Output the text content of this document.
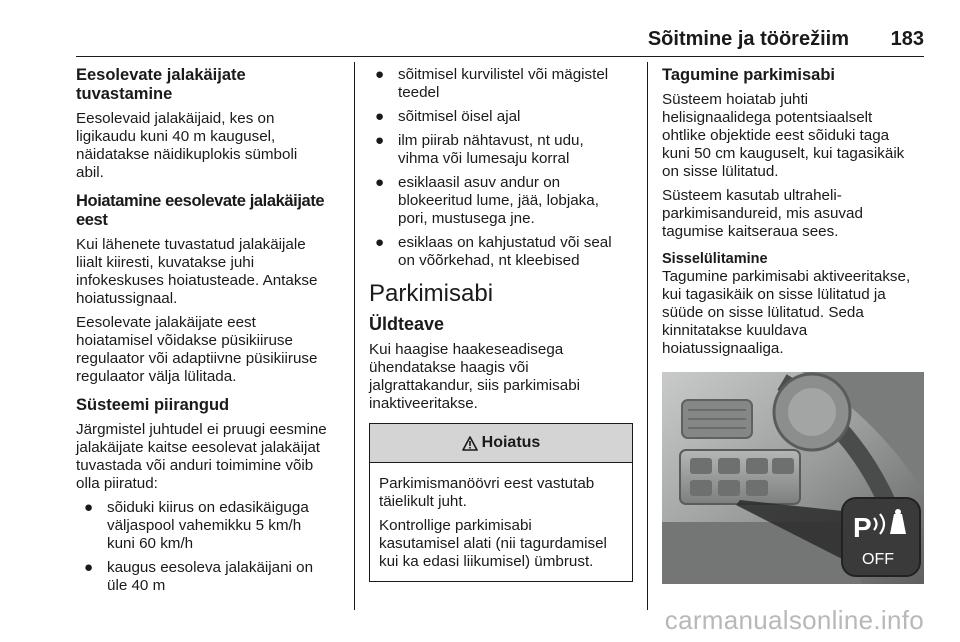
Sõitmine ja töörežiim 183
Eesolevate jalakäijate
tuvastamine
Eesolevaid jalakäijaid, kes on
ligikaudu kuni 40 m kaugusel,
näidatakse näidikuplokis sümboli
abil.
Hoiatamine eesolevate jalakäijate eest
Kui lähenete tuvastatud jalakäijale
liialt kiiresti, kuvatakse juhi
infokeskuses hoiatusteade. Antakse
hoiatussignaal.
Eesolevate jalakäijate eest
hoiatamisel võidakse püsikiiruse
regulaator või adaptiivne püsikiiruse
regulaator välja lülitada.
Süsteemi piirangud
Järgmistel juhtudel ei pruugi eesmine
jalakäijate kaitse eesolevat jalakäijat
tuvastada või anduri toimimine võib
olla piiratud:
● sõiduki kiirus on edasikäiguga
väljaspool vahemikku 5 km/h
kuni 60 km/h
● kaugus eesoleva jalakäijani on
üle 40 m
● sõitmisel kurvilistel või mägistel
teedel
● sõitmisel öisel ajal
● ilm piirab nähtavust, nt udu,
vihma või lumesaju korral
● esiklaasil asuv andur on
blokeeritud lume, jää, lobjaka,
pori, mustusega jne.
● esiklaas on kahjustatud või seal
on võõrkehad, nt kleebised
Parkimisabi
Üldteave
Kui haagise haakeseadisega
ühendatakse haagis või
jalgrattakandur, siis parkimisabi
inaktiveeritakse.
Hoiatus
Parkimismanöövri eest vastutab
täielikult juht.
Kontrollige parkimisabi
kasutamisel alati (nii tagurdamisel
kui ka edasi liikumisel) ümbrust.
Tagumine parkimisabi
Süsteem hoiatab juhti
helisignaalidega potentsiaalselt
ohtlike objektide eest sõiduki taga
kuni 50 cm kauguselt, kui tagasikäik
on sisse lülitatud.
Süsteem kasutab ultraheli-
parkimisandureid, mis asuvad
tagumise kaitseraua sees.
Sisselülitamine
Tagumine parkimisabi aktiveeritakse,
kui tagasikäik on sisse lülitatud ja
süüde on sisse lülitatud. Seda
kinnitatakse kuuldava
hoiatussignaaliga.
P
OFF
carmanualsonline.info
